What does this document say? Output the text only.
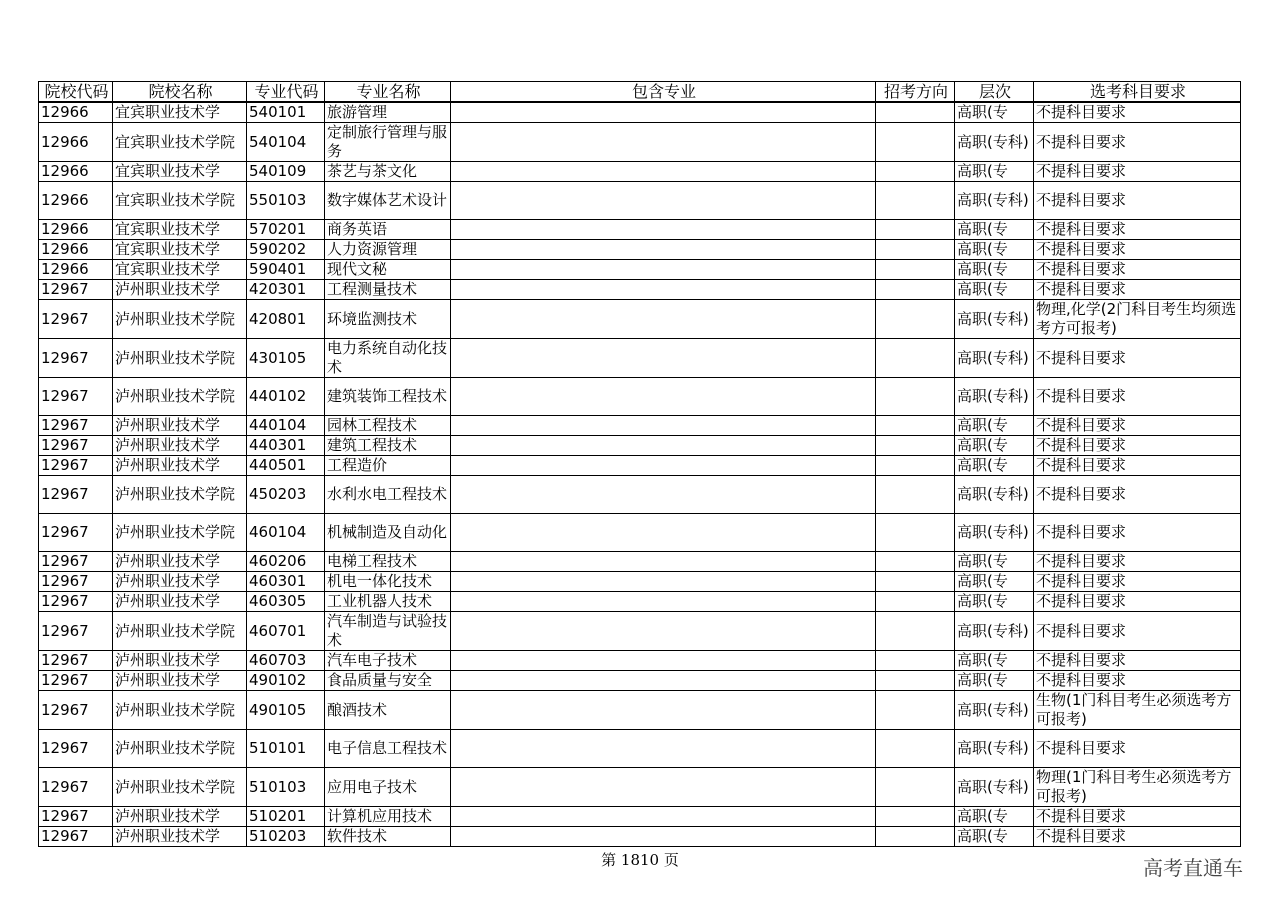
院校代码	院校名称	专业代码	专业名称	包含专业	招考方向	层次	选考科目要求
12966	宜宾职业技术学	540101	旅游管理			高职(专	不提科目要求
12966	宜宾职业技术学院	540104	定制旅行管理与服务			高职(专科)	不提科目要求
12966	宜宾职业技术学	540109	茶艺与茶文化			高职(专	不提科目要求
12966	宜宾职业技术学院	550103	数字媒体艺术设计			高职(专科)	不提科目要求
12966	宜宾职业技术学	570201	商务英语			高职(专	不提科目要求
12966	宜宾职业技术学	590202	人力资源管理			高职(专	不提科目要求
12966	宜宾职业技术学	590401	现代文秘			高职(专	不提科目要求
12967	泸州职业技术学	420301	工程测量技术			高职(专	不提科目要求
12967	泸州职业技术学院	420801	环境监测技术			高职(专科)	物理,化学(2门科目考生均须选考方可报考)
12967	泸州职业技术学院	430105	电力系统自动化技术			高职(专科)	不提科目要求
12967	泸州职业技术学院	440102	建筑装饰工程技术			高职(专科)	不提科目要求
12967	泸州职业技术学	440104	园林工程技术			高职(专	不提科目要求
12967	泸州职业技术学	440301	建筑工程技术			高职(专	不提科目要求
12967	泸州职业技术学	440501	工程造价			高职(专	不提科目要求
12967	泸州职业技术学院	450203	水利水电工程技术			高职(专科)	不提科目要求
12967	泸州职业技术学院	460104	机械制造及自动化			高职(专科)	不提科目要求
12967	泸州职业技术学	460206	电梯工程技术			高职(专	不提科目要求
12967	泸州职业技术学	460301	机电一体化技术			高职(专	不提科目要求
12967	泸州职业技术学	460305	工业机器人技术			高职(专	不提科目要求
12967	泸州职业技术学院	460701	汽车制造与试验技术			高职(专科)	不提科目要求
12967	泸州职业技术学	460703	汽车电子技术			高职(专	不提科目要求
12967	泸州职业技术学	490102	食品质量与安全			高职(专	不提科目要求
12967	泸州职业技术学院	490105	酿酒技术			高职(专科)	生物(1门科目考生必须选考方可报考)
12967	泸州职业技术学院	510101	电子信息工程技术			高职(专科)	不提科目要求
12967	泸州职业技术学院	510103	应用电子技术			高职(专科)	物理(1门科目考生必须选考方可报考)
12967	泸州职业技术学	510201	计算机应用技术			高职(专	不提科目要求
12967	泸州职业技术学	510203	软件技术			高职(专	不提科目要求
第 1810 页	高考直通车
